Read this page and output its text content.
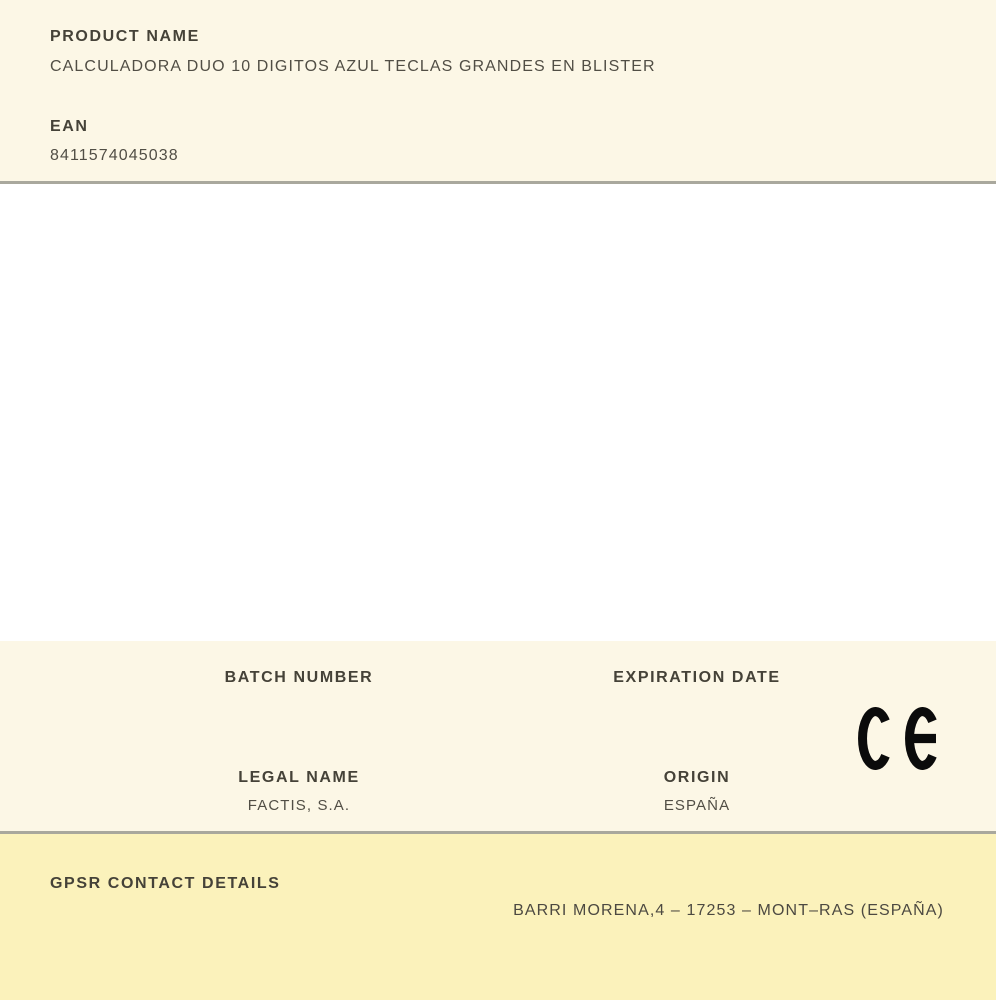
PRODUCT NAME
CALCULADORA DUO 10 DIGITOS AZUL TECLAS GRANDES EN BLISTER
EAN
8411574045038
BATCH NUMBER	EXPIRATION DATE
LEGAL NAME
FACTIS, S.A.
ORIGIN
ESPAÑA
GPSR CONTACT DETAILS
BARRI MORENA,4 – 17253 – MONT–RAS (ESPAÑA)
